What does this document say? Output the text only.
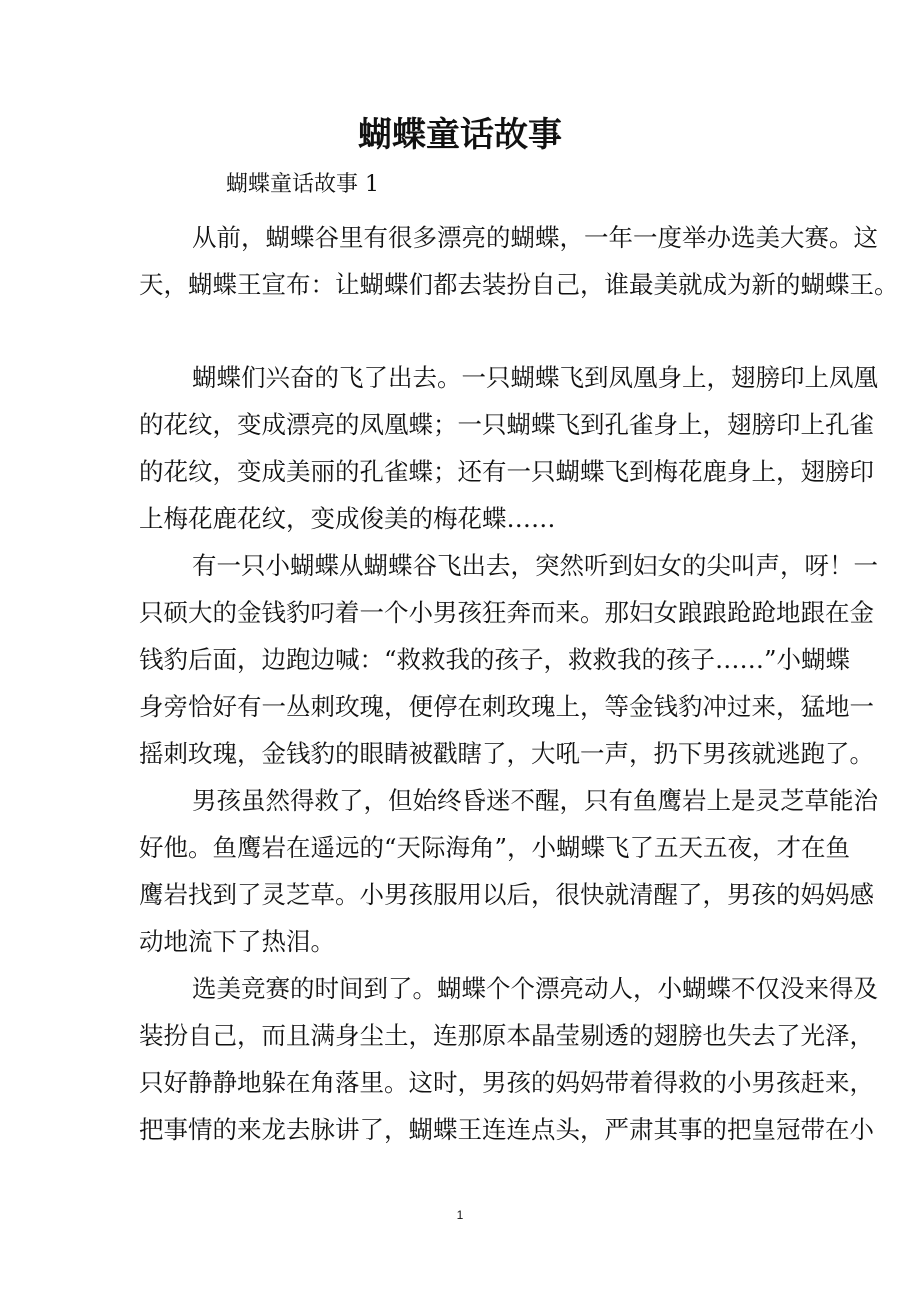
蝴蝶童话故事
蝴蝶童话故事 1
从前，蝴蝶谷里有很多漂亮的蝴蝶，一年一度举办选美大赛。这
天，蝴蝶王宣布：让蝴蝶们都去装扮自己，谁最美就成为新的蝴蝶王。
蝴蝶们兴奋的飞了出去。一只蝴蝶飞到凤凰身上，翅膀印上凤凰
的花纹，变成漂亮的凤凰蝶；一只蝴蝶飞到孔雀身上，翅膀印上孔雀
的花纹，变成美丽的孔雀蝶；还有一只蝴蝶飞到梅花鹿身上，翅膀印
上梅花鹿花纹，变成俊美的梅花蝶……
有一只小蝴蝶从蝴蝶谷飞出去，突然听到妇女的尖叫声，呀！一
只硕大的金钱豹叼着一个小男孩狂奔而来。那妇女踉踉跄跄地跟在金
钱豹后面，边跑边喊：“救救我的孩子，救救我的孩子……”小蝴蝶
身旁恰好有一丛刺玫瑰，便停在刺玫瑰上，等金钱豹冲过来，猛地一
摇刺玫瑰，金钱豹的眼睛被戳瞎了，大吼一声，扔下男孩就逃跑了。
男孩虽然得救了，但始终昏迷不醒，只有鱼鹰岩上是灵芝草能治
好他。鱼鹰岩在遥远的“天际海角”，小蝴蝶飞了五天五夜，才在鱼
鹰岩找到了灵芝草。小男孩服用以后，很快就清醒了，男孩的妈妈感
动地流下了热泪。
选美竞赛的时间到了。蝴蝶个个漂亮动人，小蝴蝶不仅没来得及
装扮自己，而且满身尘土，连那原本晶莹剔透的翅膀也失去了光泽，
只好静静地躲在角落里。这时，男孩的妈妈带着得救的小男孩赶来，
把事情的来龙去脉讲了，蝴蝶王连连点头，严肃其事的把皇冠带在小
1
